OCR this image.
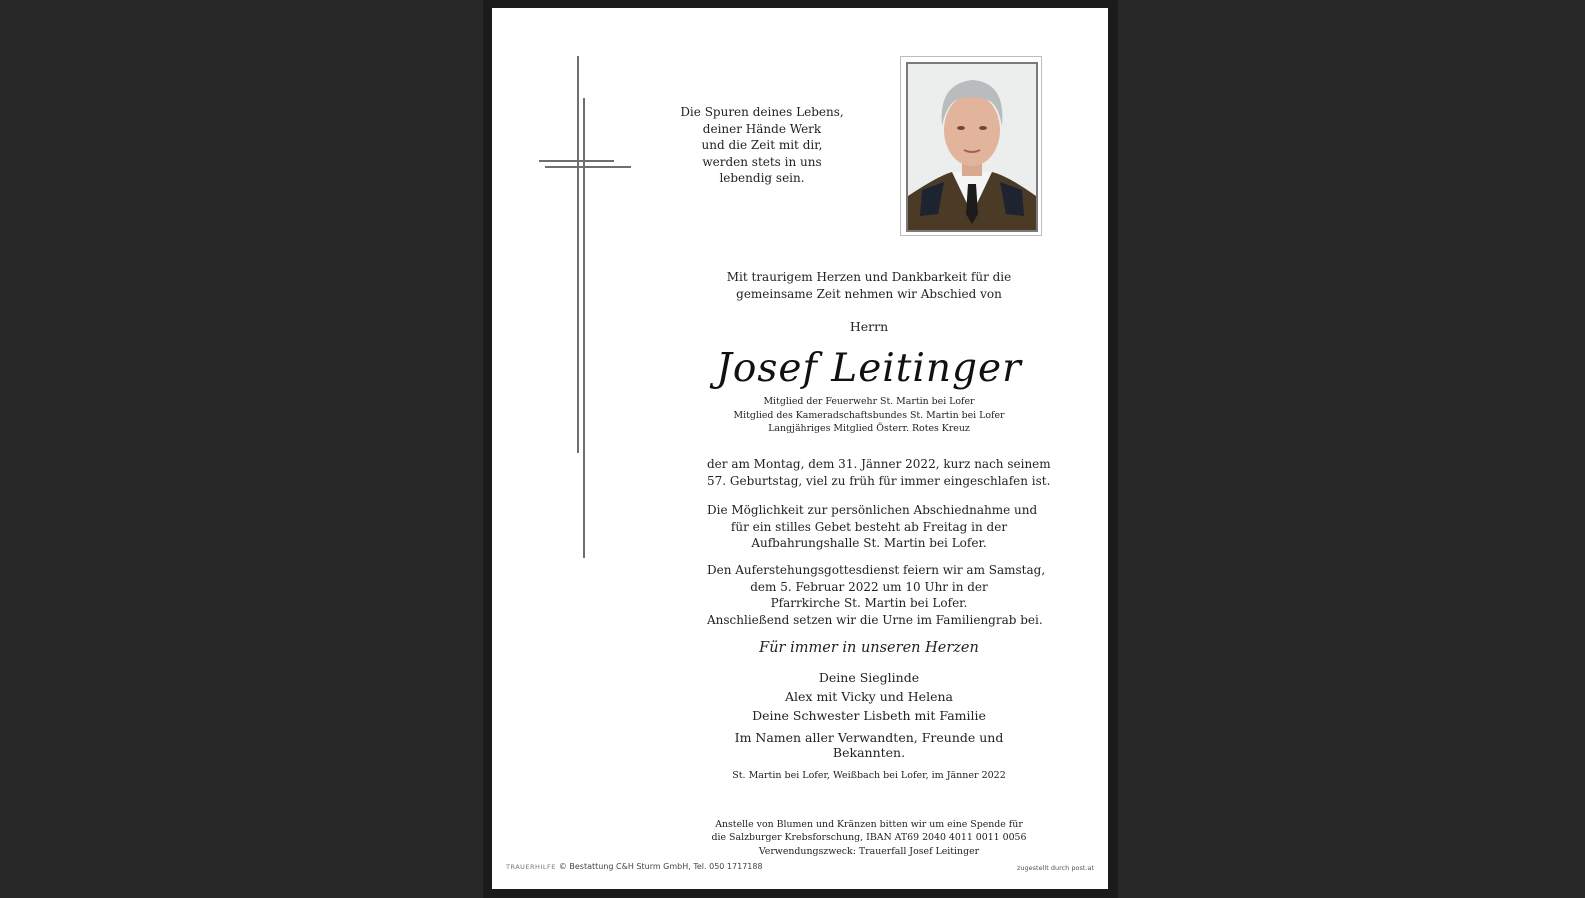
Die Spuren deines Lebens,
deiner Hände Werk
und die Zeit mit dir,
werden stets in uns
lebendig sein.
Mit traurigem Herzen und Dankbarkeit für die
gemeinsame Zeit nehmen wir Abschied von
Herrn
Josef Leitinger
Mitglied der Feuerwehr St. Martin bei Lofer
Mitglied des Kameradschaftsbundes St. Martin bei Lofer
Langjähriges Mitglied Österr. Rotes Kreuz
der am Montag, dem 31. Jänner 2022, kurz nach seinem
57. Geburtstag, viel zu früh für immer eingeschlafen ist.
Die Möglichkeit zur persönlichen Abschiednahme und
für ein stilles Gebet besteht ab Freitag in der
Aufbahrungshalle St. Martin bei Lofer.
Den Auferstehungsgottesdienst feiern wir am Samstag,
dem 5. Februar 2022 um 10 Uhr in der
Pfarrkirche St. Martin bei Lofer.
Anschließend setzen wir die Urne im Familiengrab bei.
Für immer in unseren Herzen
Deine Sieglinde
Alex mit Vicky und Helena
Deine Schwester Lisbeth mit Familie
Im Namen aller Verwandten, Freunde und Bekannten.
St. Martin bei Lofer, Weißbach bei Lofer, im Jänner 2022
Anstelle von Blumen und Kränzen bitten wir um eine Spende für
die Salzburger Krebsforschung, IBAN AT69 2040 4011 0011 0056
Verwendungszweck: Trauerfall Josef Leitinger
TRAUERHILFE © Bestattung C&H Sturm GmbH, Tel. 050 1717188	zugestellt durch post.at
